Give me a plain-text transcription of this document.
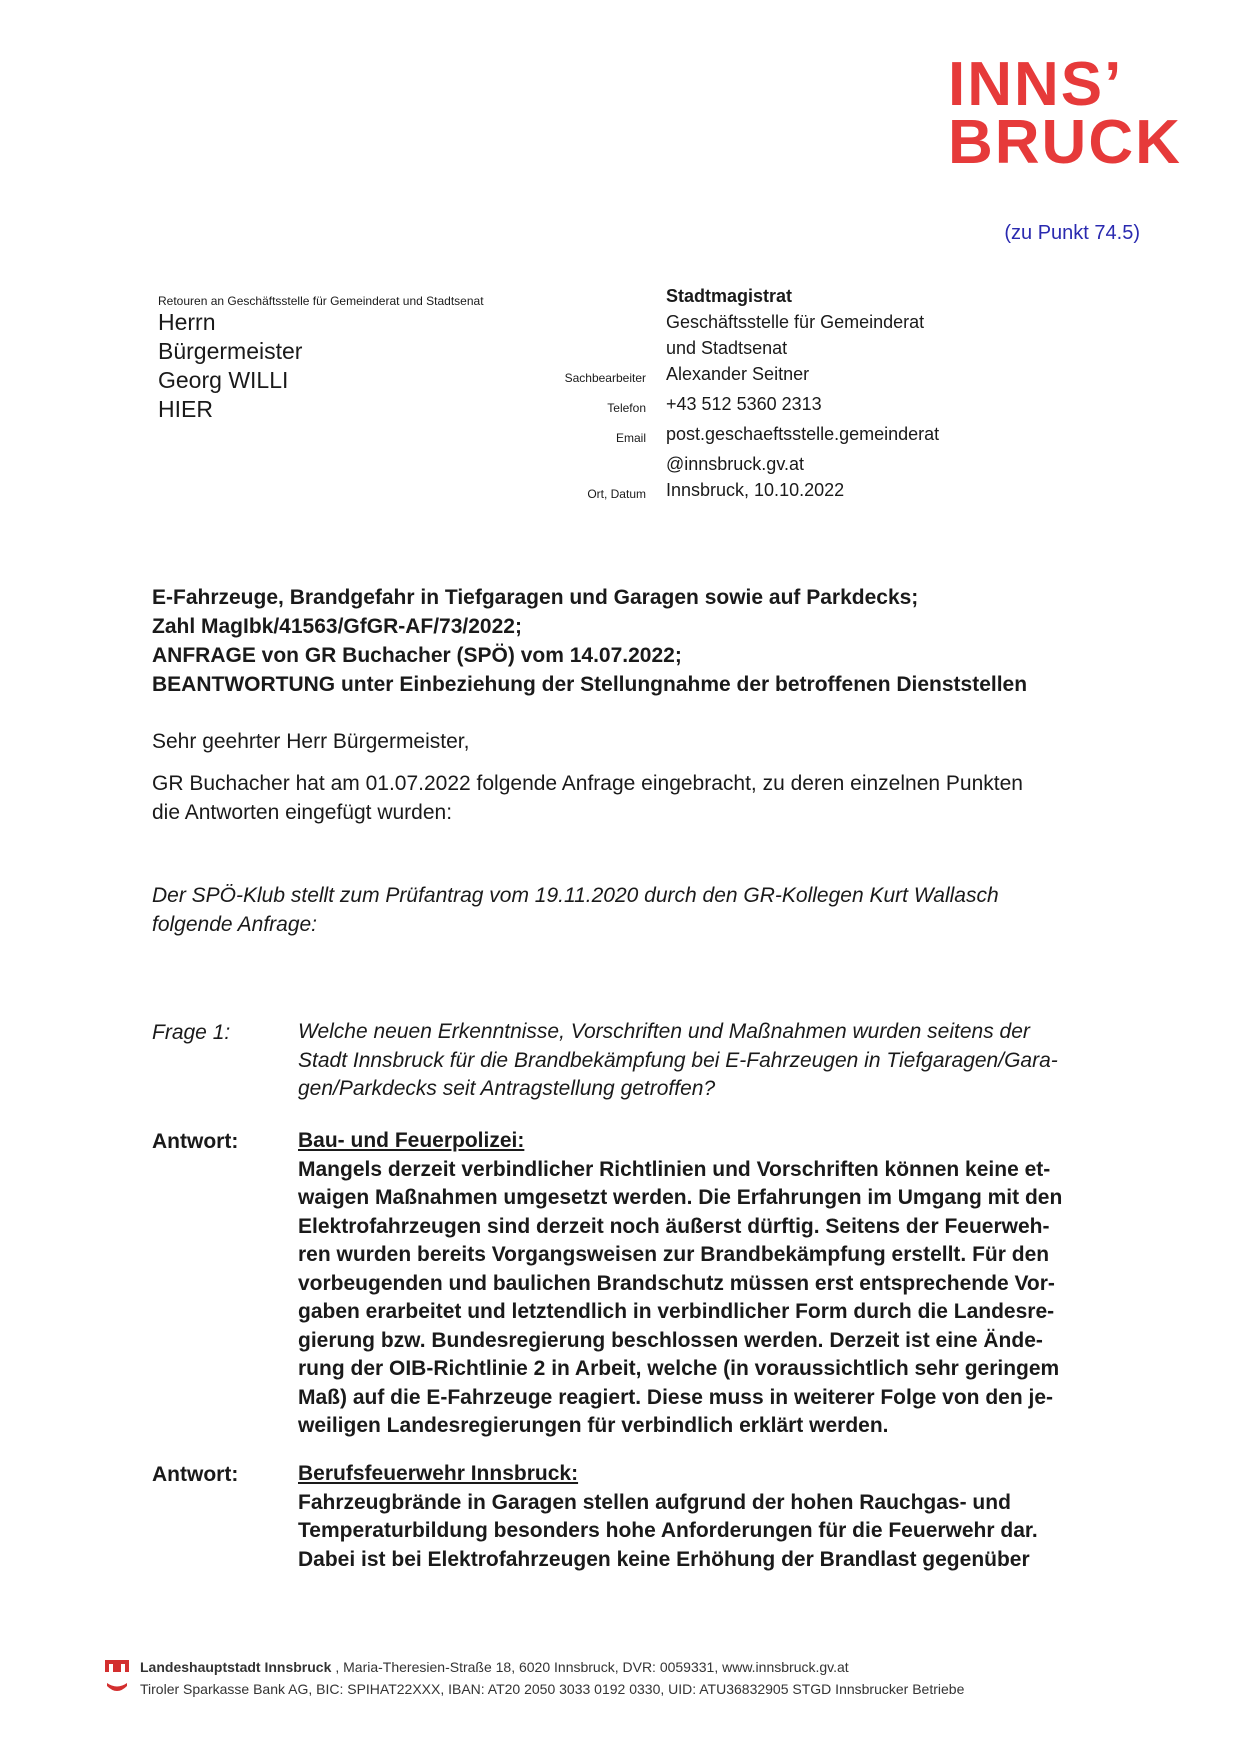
INNS’
BRUCK
(zu Punkt 74.5)
Retouren an Geschäftsstelle für Gemeinderat und Stadtsenat
Herrn
Bürgermeister
Georg WILLI
HIER
Stadtmagistrat
Geschäftsstelle für Gemeinderat
und Stadtsenat
Sachbearbeiter	Alexander Seitner
Telefon	+43 512 5360 2313
Email	post.geschaeftsstelle.gemeinderat
@innsbruck.gv.at
Ort, Datum	Innsbruck, 10.10.2022
E-Fahrzeuge, Brandgefahr in Tiefgaragen und Garagen sowie auf Parkdecks;
Zahl MagIbk/41563/GfGR-AF/73/2022;
ANFRAGE von GR Buchacher (SPÖ) vom 14.07.2022;
BEANTWORTUNG unter Einbeziehung der Stellungnahme der betroffenen Dienststellen
Sehr geehrter Herr Bürgermeister,
GR Buchacher hat am 01.07.2022 folgende Anfrage eingebracht, zu deren einzelnen Punkten
die Antworten eingefügt wurden:
Der SPÖ-Klub stellt zum Prüfantrag vom 19.11.2020 durch den GR-Kollegen Kurt Wallasch
folgende Anfrage:
Frage 1:	Welche neuen Erkenntnisse, Vorschriften und Maßnahmen wurden seitens der
Stadt Innsbruck für die Brandbekämpfung bei E-Fahrzeugen in Tiefgaragen/Gara-
gen/Parkdecks seit Antragstellung getroffen?
Antwort:	Bau- und Feuerpolizei:
Mangels derzeit verbindlicher Richtlinien und Vorschriften können keine et-
waigen Maßnahmen umgesetzt werden. Die Erfahrungen im Umgang mit den
Elektrofahrzeugen sind derzeit noch äußerst dürftig. Seitens der Feuerweh-
ren wurden bereits Vorgangsweisen zur Brandbekämpfung erstellt. Für den
vorbeugenden und baulichen Brandschutz müssen erst entsprechende Vor-
gaben erarbeitet und letztendlich in verbindlicher Form durch die Landesre-
gierung bzw. Bundesregierung beschlossen werden. Derzeit ist eine Ände-
rung der OIB-Richtlinie 2 in Arbeit, welche (in voraussichtlich sehr geringem
Maß) auf die E-Fahrzeuge reagiert. Diese muss in weiterer Folge von den je-
weiligen Landesregierungen für verbindlich erklärt werden.
Antwort:	Berufsfeuerwehr Innsbruck:
Fahrzeugbrände in Garagen stellen aufgrund der hohen Rauchgas- und
Temperaturbildung besonders hohe Anforderungen für die Feuerwehr dar.
Dabei ist bei Elektrofahrzeugen keine Erhöhung der Brandlast gegenüber
Landeshauptstadt Innsbruck , Maria-Theresien-Straße 18, 6020 Innsbruck, DVR: 0059331, www.innsbruck.gv.at
Tiroler Sparkasse Bank AG, BIC: SPIHAT22XXX, IBAN: AT20 2050 3033 0192 0330, UID: ATU36832905 STGD Innsbrucker Betriebe
